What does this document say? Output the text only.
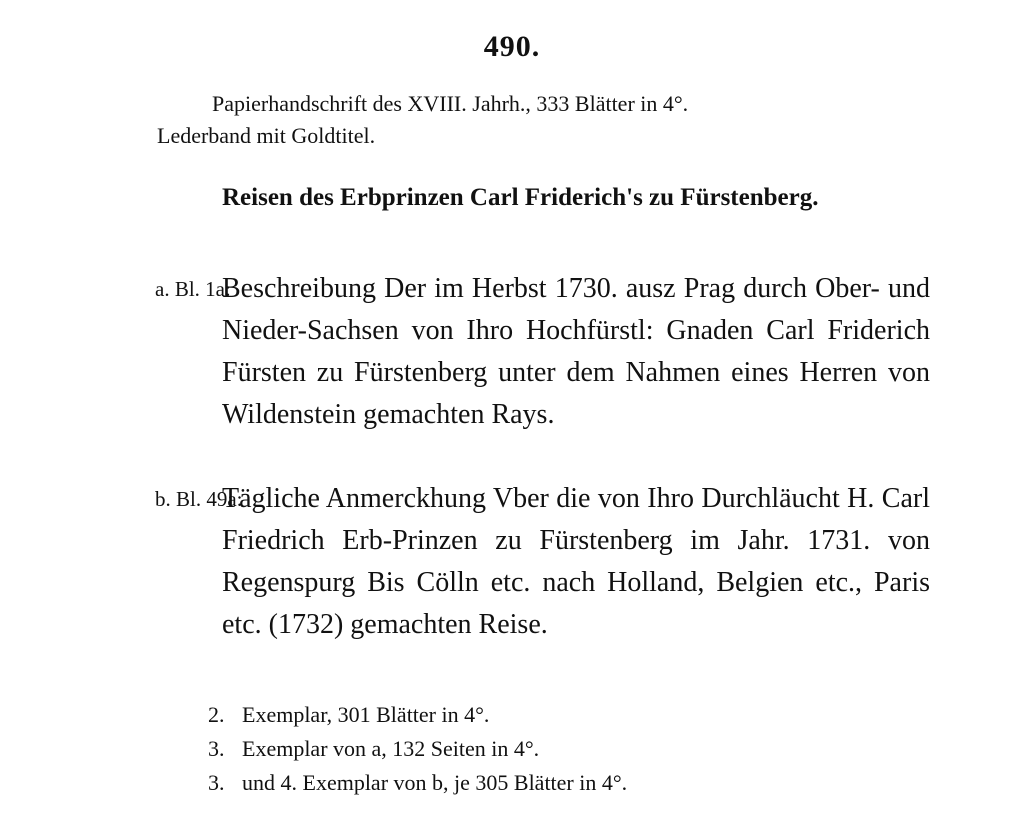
490.
Papierhandschrift des XVIII. Jahrh., 333 Blätter in 4°.
Lederband mit Goldtitel.
Reisen des Erbprinzen Carl Friderich's zu Fürstenberg.
a. Bl. 1a:
Beschreibung Der im Herbst 1730. ausz Prag durch Ober- und Nieder-Sachsen von Ihro Hochfürstl: Gnaden Carl Friderich Fürsten zu Fürstenberg unter dem Nahmen eines Herren von Wildenstein gemachten Rays.
b. Bl. 49a:
Tägliche Anmerckhung Vber die von Ihro Durchläucht H. Carl Friedrich Erb-Prinzen zu Fürstenberg im Jahr. 1731. von Regenspurg Bis Cölln etc. nach Holland, Belgien etc., Paris etc. (1732) gemachten Reise.
2. Exemplar, 301 Blätter in 4°.
3. Exemplar von a, 132 Seiten in 4°.
3. und 4. Exemplar von b, je 305 Blätter in 4°.
